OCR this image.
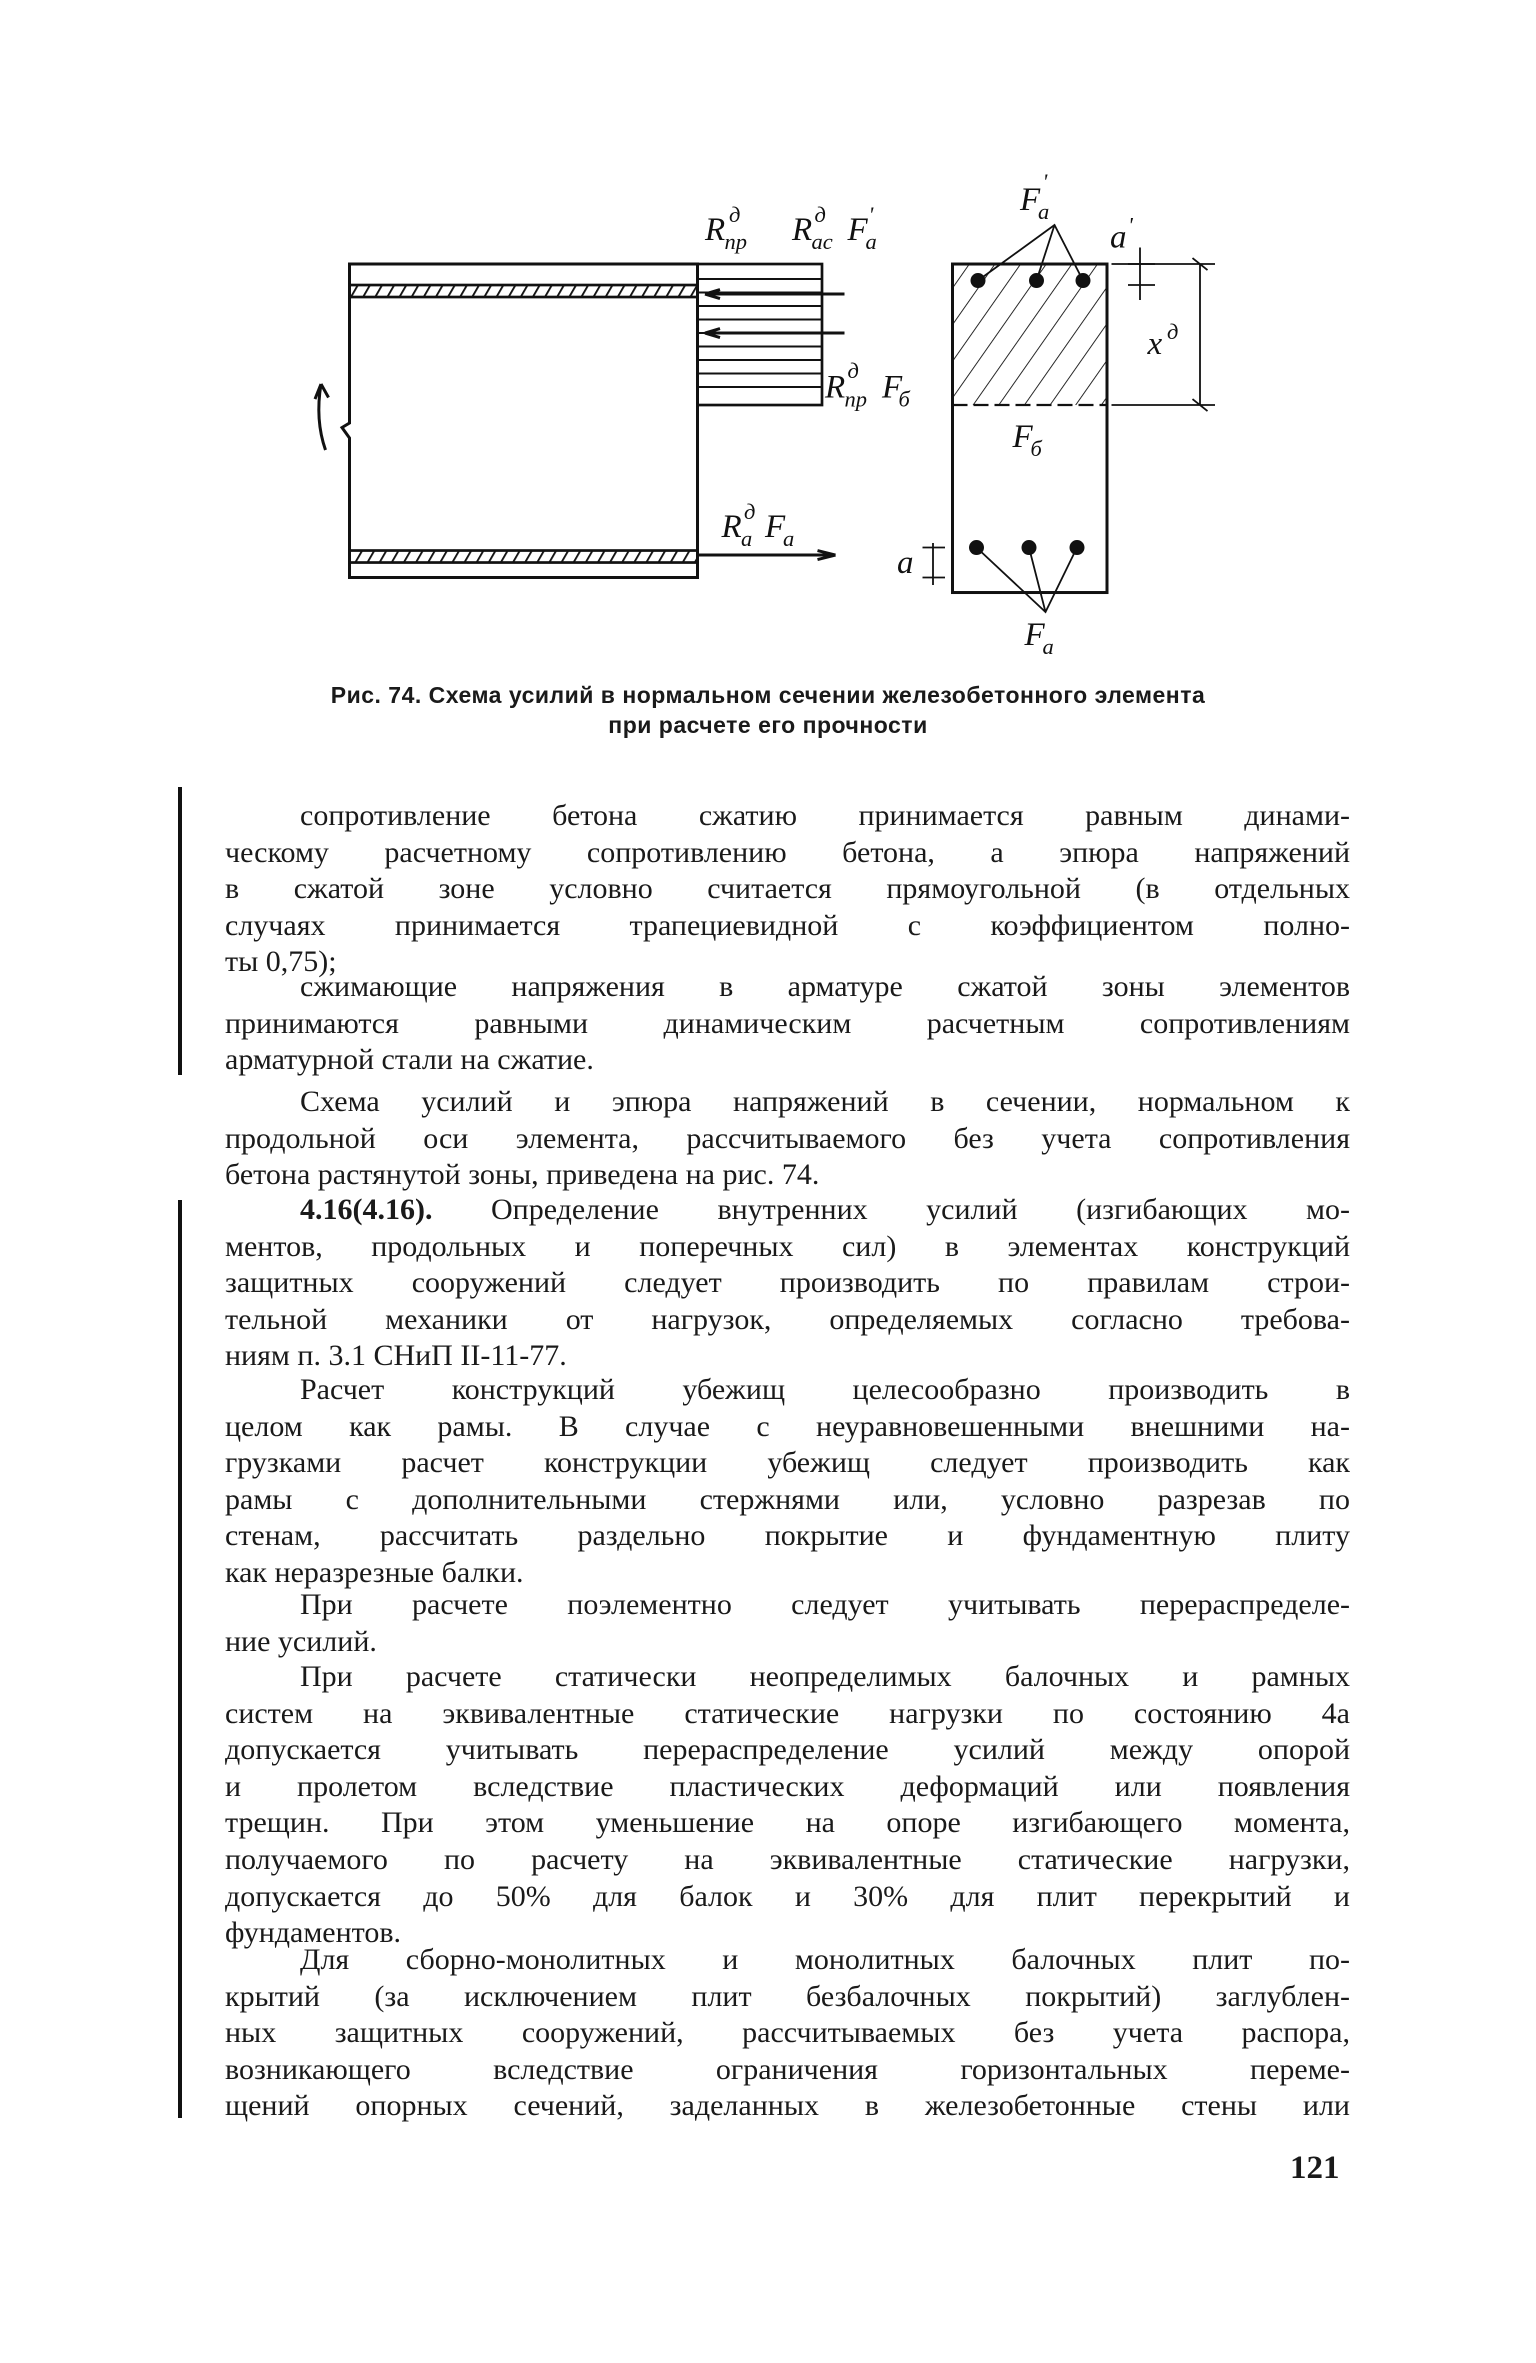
R пр
д R ac
д F
a
'
R пр
д F
б
R a
д F
a
F
a
'
a '
x д
F
б
a
F
a
Рис. 74. Схема усилий в нормальном сечении железобетонного элемента
при расчете его прочности
сопротивление бетона сжатию принимается равным динами-
ческому расчетному сопротивлению бетона, а эпюра напряжений
в сжатой зоне условно считается прямоугольной (в отдельных
случаях принимается трапециевидной с коэффициентом полно-
ты 0,75);
сжимающие напряжения в арматуре сжатой зоны элементов
принимаются равными динамическим расчетным сопротивлениям
арматурной стали на сжатие.
Схема усилий и эпюра напряжений в сечении, нормальном к
продольной оси элемента, рассчитываемого без учета сопротивления
бетона растянутой зоны, приведена на рис. 74.
4.16(4.16). Определение внутренних усилий (изгибающих мо-
ментов, продольных и поперечных сил) в элементах конструкций
защитных сооружений следует производить по правилам строи-
тельной механики от нагрузок, определяемых согласно требова-
ниям п. 3.1 СНиП II-11-77.
Расчет конструкций убежищ целесообразно производить в
целом как рамы. В случае с неуравновешенными внешними на-
грузками расчет конструкции убежищ следует производить как
рамы с дополнительными стержнями или, условно разрезав по
стенам, рассчитать раздельно покрытие и фундаментную плиту
как неразрезные балки.
При расчете поэлементно следует учитывать перераспределе-
ние усилий.
При расчете статически неопределимых балочных и рамных
систем на эквивалентные статические нагрузки по состоянию 4а
допускается учитывать перераспределение усилий между опорой
и пролетом вследствие пластических деформаций или появления
трещин. При этом уменьшение на опоре изгибающего момента,
получаемого по расчету на эквивалентные статические нагрузки,
допускается до 50% для балок и 30% для плит перекрытий и
фундаментов.
Для сборно-монолитных и монолитных балочных плит по-
крытий (за исключением плит безбалочных покрытий) заглублен-
ных защитных сооружений, рассчитываемых без учета распора,
возникающего вследствие ограничения горизонтальных переме-
щений опорных сечений, заделанных в железобетонные стены или
121
